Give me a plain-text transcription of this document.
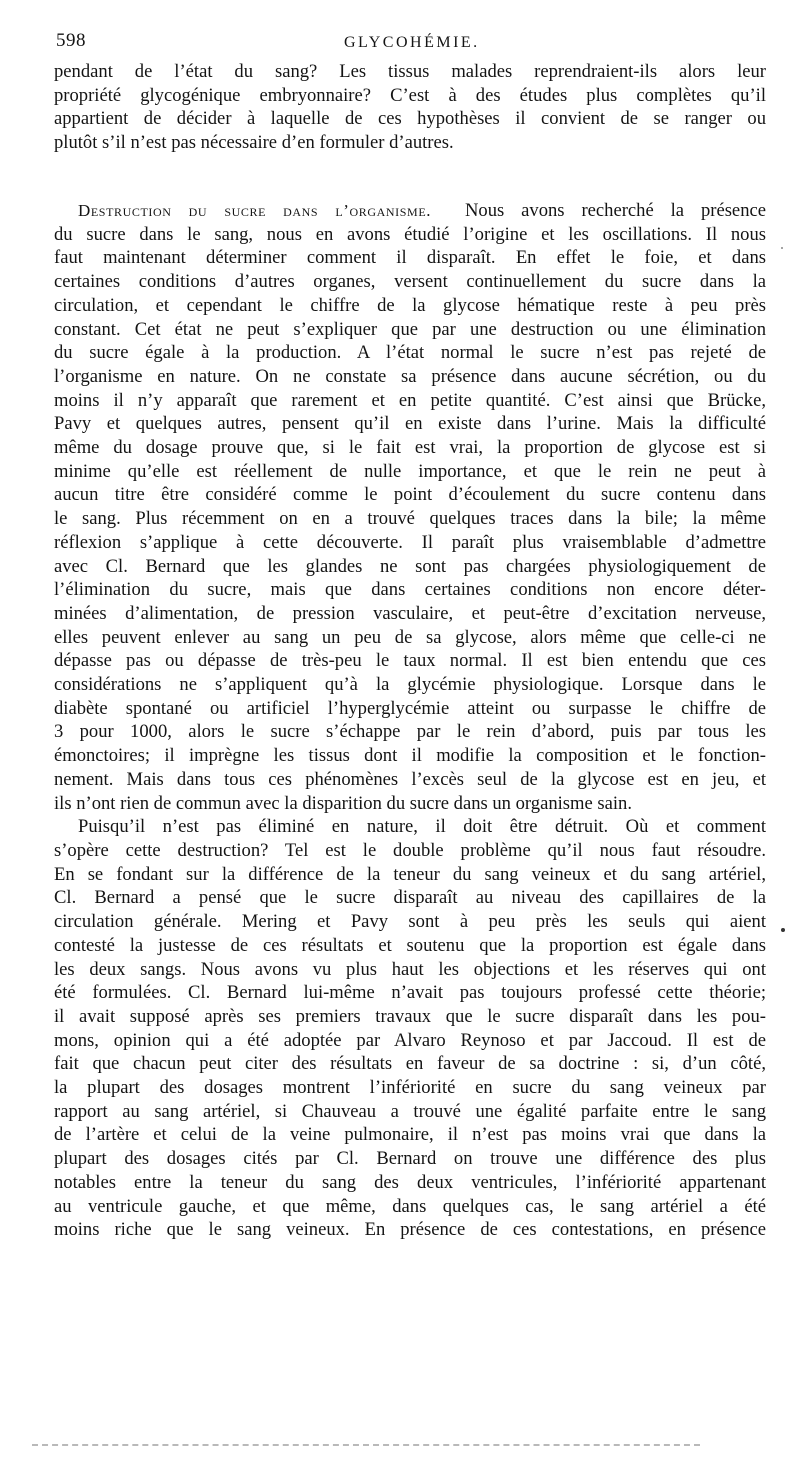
598	GLYCOHÉMIE.
pendant de l’état du sang? Les tissus malades reprendraient-ils alors leur
propriété glycogénique embryonnaire? C’est à des études plus complètes qu’il
appartient de décider à laquelle de ces hypothèses il convient de se ranger ou
plutôt s’il n’est pas nécessaire d’en formuler d’autres.
Destruction du sucre dans l’organisme. Nous avons recherché la présence
du sucre dans le sang, nous en avons étudié l’origine et les oscillations. Il nous
faut maintenant déterminer comment il disparaît. En effet le foie, et dans
certaines conditions d’autres organes, versent continuellement du sucre dans la
circulation, et cependant le chiffre de la glycose hématique reste à peu près
constant. Cet état ne peut s’expliquer que par une destruction ou une élimination
du sucre égale à la production. A l’état normal le sucre n’est pas rejeté de
l’organisme en nature. On ne constate sa présence dans aucune sécrétion, ou du
moins il n’y apparaît que rarement et en petite quantité. C’est ainsi que Brücke,
Pavy et quelques autres, pensent qu’il en existe dans l’urine. Mais la difficulté
même du dosage prouve que, si le fait est vrai, la proportion de glycose est si
minime qu’elle est réellement de nulle importance, et que le rein ne peut à
aucun titre être considéré comme le point d’écoulement du sucre contenu dans
le sang. Plus récemment on en a trouvé quelques traces dans la bile; la même
réflexion s’applique à cette découverte. Il paraît plus vraisemblable d’admettre
avec Cl. Bernard que les glandes ne sont pas chargées physiologiquement de
l’élimination du sucre, mais que dans certaines conditions non encore déter-
minées d’alimentation, de pression vasculaire, et peut-être d’excitation nerveuse,
elles peuvent enlever au sang un peu de sa glycose, alors même que celle-ci ne
dépasse pas ou dépasse de très-peu le taux normal. Il est bien entendu que ces
considérations ne s’appliquent qu’à la glycémie physiologique. Lorsque dans le
diabète spontané ou artificiel l’hyperglycémie atteint ou surpasse le chiffre de
3 pour 1000, alors le sucre s’échappe par le rein d’abord, puis par tous les
émonctoires; il imprègne les tissus dont il modifie la composition et le fonction-
nement. Mais dans tous ces phénomènes l’excès seul de la glycose est en jeu, et
ils n’ont rien de commun avec la disparition du sucre dans un organisme sain.
Puisqu’il n’est pas éliminé en nature, il doit être détruit. Où et comment
s’opère cette destruction? Tel est le double problème qu’il nous faut résoudre.
En se fondant sur la différence de la teneur du sang veineux et du sang artériel,
Cl. Bernard a pensé que le sucre disparaît au niveau des capillaires de la
circulation générale. Mering et Pavy sont à peu près les seuls qui aient
contesté la justesse de ces résultats et soutenu que la proportion est égale dans
les deux sangs. Nous avons vu plus haut les objections et les réserves qui ont
été formulées. Cl. Bernard lui-même n’avait pas toujours professé cette théorie;
il avait supposé après ses premiers travaux que le sucre disparaît dans les pou-
mons, opinion qui a été adoptée par Alvaro Reynoso et par Jaccoud. Il est de
fait que chacun peut citer des résultats en faveur de sa doctrine : si, d’un côté,
la plupart des dosages montrent l’infériorité en sucre du sang veineux par
rapport au sang artériel, si Chauveau a trouvé une égalité parfaite entre le sang
de l’artère et celui de la veine pulmonaire, il n’est pas moins vrai que dans la
plupart des dosages cités par Cl. Bernard on trouve une différence des plus
notables entre la teneur du sang des deux ventricules, l’infériorité appartenant
au ventricule gauche, et que même, dans quelques cas, le sang artériel a été
moins riche que le sang veineux. En présence de ces contestations, en présence
